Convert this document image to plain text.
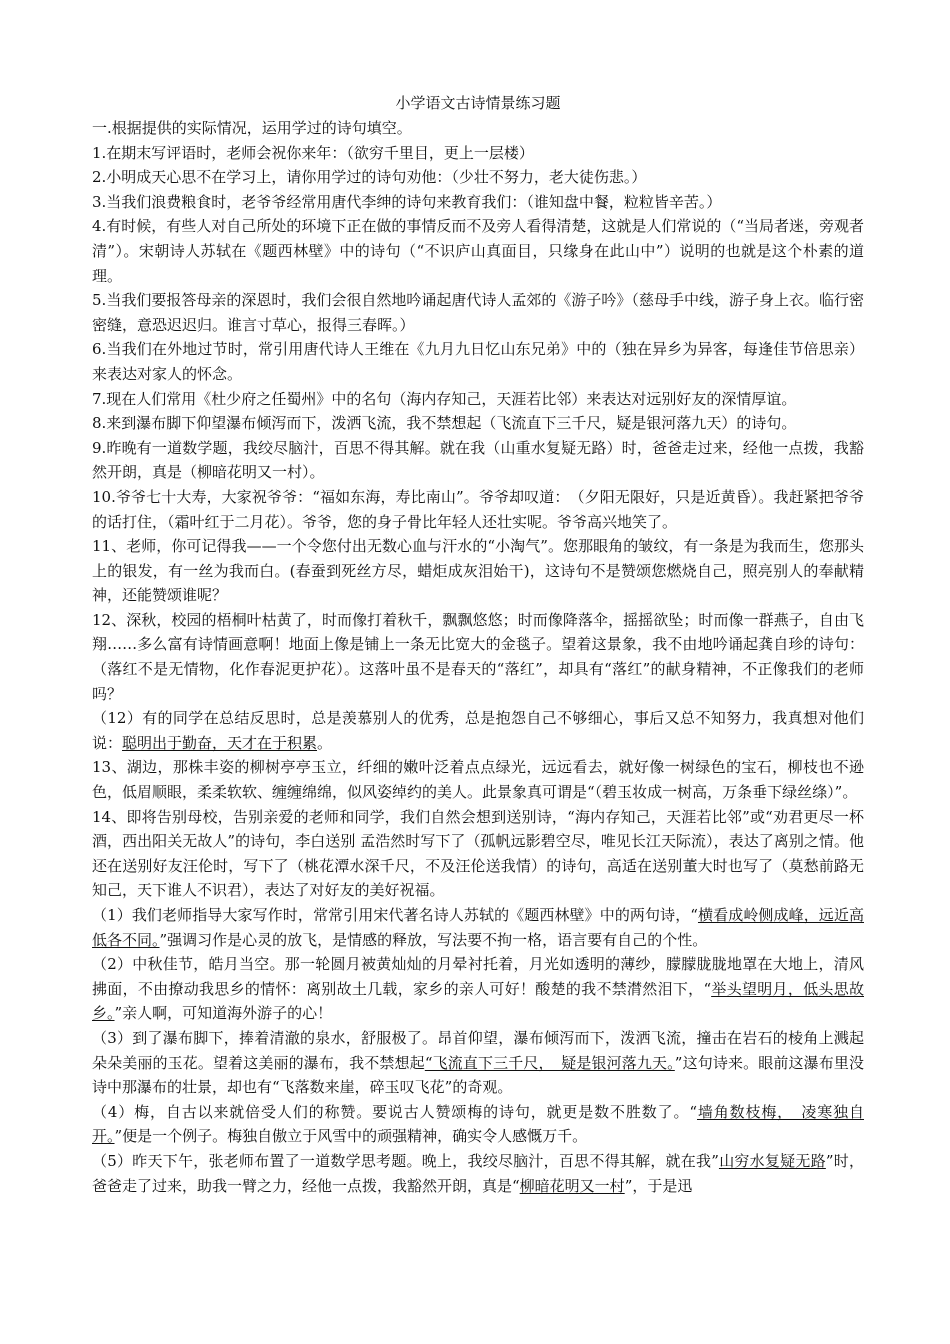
小学语文古诗情景练习题

一.根据提供的实际情况，运用学过的诗句填空。

1.在期末写评语时，老师会祝你来年：（欲穷千里目，更上一层楼）

2.小明成天心思不在学习上，请你用学过的诗句劝他：（少壮不努力，老大徒伤悲。）

3.当我们浪费粮食时，老爷爷经常用唐代李绅的诗句来教育我们：（谁知盘中餐，粒粒皆辛苦。）

4.有时候，有些人对自己所处的环境下正在做的事情反而不及旁人看得清楚，这就是人们常说的（“当局者迷，旁观者清”）。宋朝诗人苏轼在《题西林壁》中的诗句（“不识庐山真面目，只缘身在此山中”）说明的也就是这个朴素的道理。

5.当我们要报答母亲的深恩时，我们会很自然地吟诵起唐代诗人孟郊的《游子吟》（慈母手中线，游子身上衣。临行密密缝，意恐迟迟归。谁言寸草心，报得三春晖。）

6.当我们在外地过节时，常引用唐代诗人王维在《九月九日忆山东兄弟》中的（独在异乡为异客，每逢佳节倍思亲）来表达对家人的怀念。

7.现在人们常用《杜少府之任蜀州》中的名句（海内存知己，天涯若比邻）来表达对远别好友的深情厚谊。

8.来到瀑布脚下仰望瀑布倾泻而下，泼洒飞流，我不禁想起（飞流直下三千尺，疑是银河落九天）的诗句。

9.昨晚有一道数学题，我绞尽脑汁，百思不得其解。就在我（山重水复疑无路）时，爸爸走过来，经他一点拨，我豁然开朗，真是（柳暗花明又一村）。

10.爷爷七十大寿，大家祝爷爷：“福如东海，寿比南山”。爷爷却叹道：　（夕阳无限好，只是近黄昏）。我赶紧把爷爷的话打住，（霜叶红于二月花）。爷爷，您的身子骨比年轻人还壮实呢。爷爷高兴地笑了。

11、老师，你可记得我——一个令您付出无数心血与汗水的“小淘气”。您那眼角的皱纹，有一条是为我而生，您那头上的银发，有一丝为我而白。(春蚕到死丝方尽，蜡炬成灰泪始干)，这诗句不是赞颂您燃烧自己，照亮别人的奉献精神，还能赞颂谁呢？

12、深秋，校园的梧桐叶枯黄了，时而像打着秋千，飘飘悠悠；时而像降落伞，摇摇欲坠；时而像一群燕子，自由飞翔……多么富有诗情画意啊！地面上像是铺上一条无比宽大的金毯子。望着这景象，我不由地吟诵起龚自珍的诗句：（落红不是无情物，化作春泥更护花）。这落叶虽不是春天的“落红”，却具有“落红”的献身精神，不正像我们的老师吗？

（12）有的同学在总结反思时，总是羡慕别人的优秀，总是抱怨自己不够细心，事后又总不知努力，我真想对他们说：聪明出于勤奋，天才在于积累。

13、湖边，那株丰姿的柳树亭亭玉立，纤细的嫩叶泛着点点绿光，远远看去，就好像一树绿色的宝石，柳枝也不逊色，低眉顺眼，柔柔软软、缠缠绵绵，似风姿绰约的美人。此景象真可谓是“（碧玉妆成一树高，万条垂下绿丝绦）”。

14、即将告别母校，告别亲爱的老师和同学，我们自然会想到送别诗，“海内存知己，天涯若比邻”或“劝君更尽一杯酒，西出阳关无故人”的诗句，李白送别 孟浩然时写下了（孤帆远影碧空尽，唯见长江天际流），表达了离别之情。他还在送别好友汪伦时，写下了（桃花潭水深千尺，不及汪伦送我情）的诗句，高适在送别董大时也写了（莫愁前路无知己，天下谁人不识君），表达了对好友的美好祝福。

（1）我们老师指导大家写作时，常常引用宋代著名诗人苏轼的《题西林壁》中的两句诗，“横看成岭侧成峰，远近高低各不同。”强调习作是心灵的放飞，是情感的释放，写法要不拘一格，语言要有自己的个性。

（2）中秋佳节，皓月当空。那一轮圆月被黄灿灿的月晕衬托着，月光如透明的薄纱，朦朦胧胧地罩在大地上，清风拂面，不由撩动我思乡的情怀：离别故土几载，家乡的亲人可好！酸楚的我不禁潸然泪下，“举头望明月，低头思故乡。”亲人啊，可知道海外游子的心！

（3）到了瀑布脚下，捧着清澈的泉水，舒服极了。昂首仰望，瀑布倾泻而下，泼洒飞流，撞击在岩石的棱角上溅起朵朵美丽的玉花。望着这美丽的瀑布，我不禁想起“飞流直下三千尺，　疑是银河落九天。”这句诗来。眼前这瀑布里没诗中那瀑布的壮景，却也有“飞落数来崖，碎玉叹飞花”的奇观。

（4）梅，自古以来就倍受人们的称赞。要说古人赞颂梅的诗句，就更是数不胜数了。“墙角数枝梅，　凌寒独自开。”便是一个例子。梅独自傲立于风雪中的顽强精神，确实令人感慨万千。

（5）昨天下午，张老师布置了一道数学思考题。晚上，我绞尽脑汁，百思不得其解，就在我”山穷水复疑无路”时，爸爸走了过来，助我一臂之力，经他一点拨，我豁然开朗，真是“柳暗花明又一村”，于是迅
